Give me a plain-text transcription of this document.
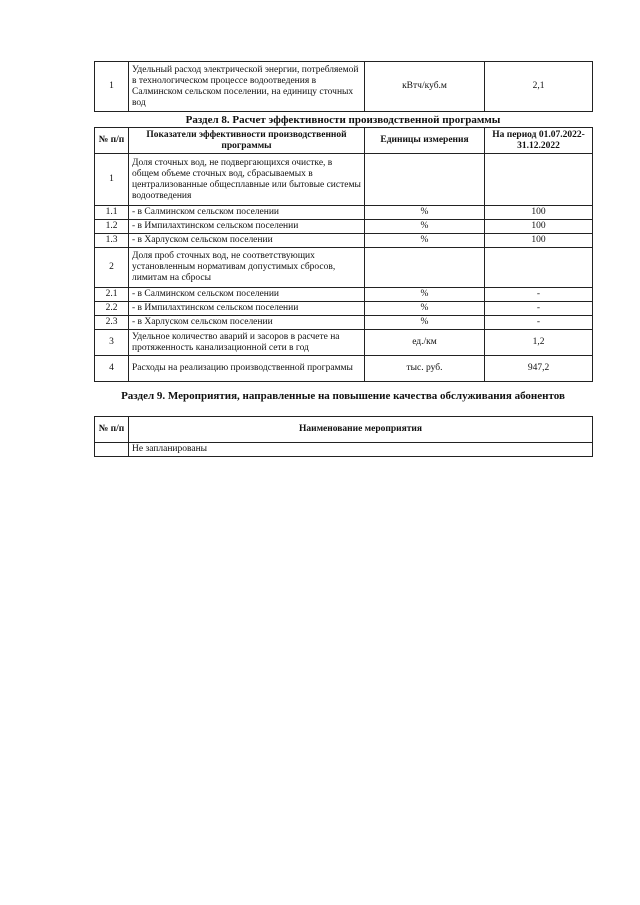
1	Удельный расход электрической энергии, потребляемой в технологическом процессе водоотведения в Салминском сельском поселении, на единицу сточных вод	кВтч/куб.м	2,1
Раздел 8. Расчет эффективности производственной программы
№ п/п	Показатели эффективности производственной программы	Единицы измерения	На период 01.07.2022-31.12.2022
1	Доля сточных вод, не подвергающихся очистке, в общем объеме сточных вод, сбрасываемых в централизованные общесплавные или бытовые системы водоотведения		
1.1	- в Салминском сельском поселении	%	100
1.2	- в Импилахтинском сельском поселении	%	100
1.3	- в Харлуском сельском поселении	%	100
2	Доля проб сточных вод, не соответствующих установленным нормативам допустимых сбросов, лимитам на сбросы		
2.1	- в Салминском сельском поселении	%	-
2.2	- в Импилахтинском сельском поселении	%	-
2.3	- в Харлуском сельском поселении	%	-
3	Удельное количество аварий и засоров в расчете на протяженность канализационной сети в год	ед./км	1,2
4	Расходы на реализацию производственной программы	тыс. руб.	947,2
Раздел 9. Мероприятия, направленные на повышение качества обслуживания абонентов
№ п/п	Наименование мероприятия
	Не запланированы
